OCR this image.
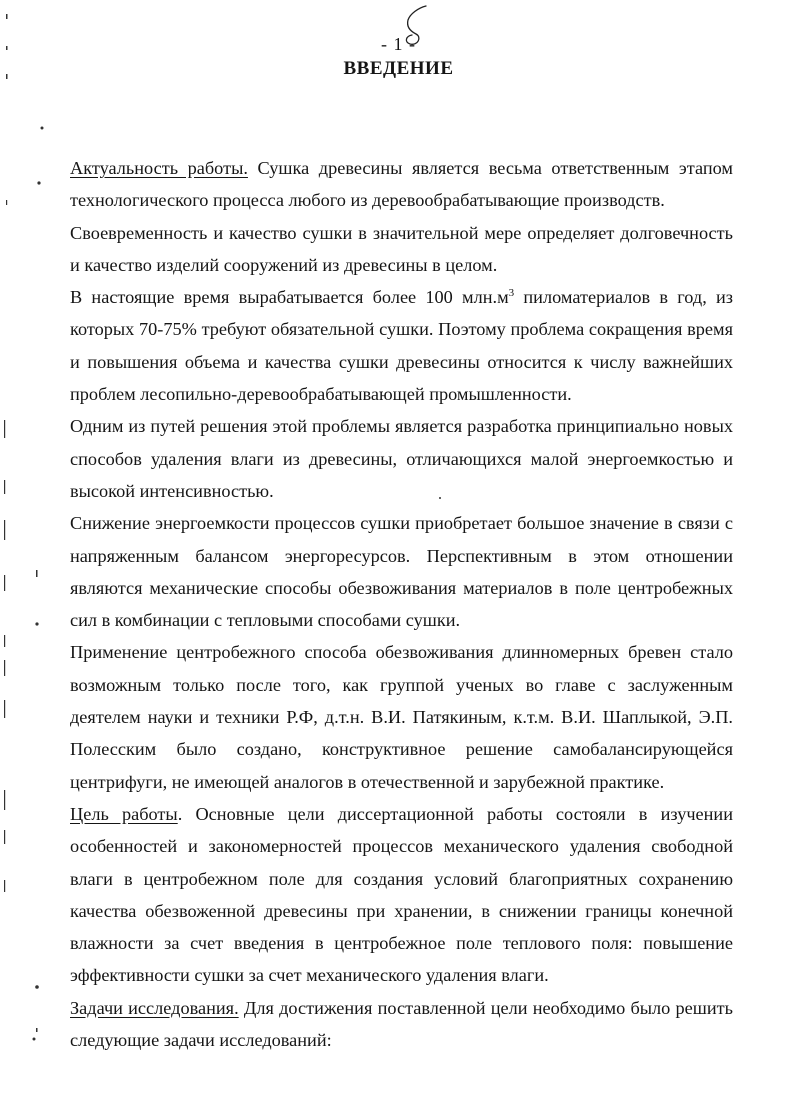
- 1 -
ВВЕДЕНИЕ

Актуальность работы. Сушка древесины является весьма ответственным этапом технологического процесса любого из деревообрабатывающие производств.

Своевременность и качество сушки в значительной мере определяет долговечность и качество изделий сооружений из древесины в целом.

В настоящие время вырабатывается более 100 $млн.м^3$ пиломатериалов в год, из которых 70-75% требуют обязательной сушки. Поэтому проблема сокращения время и повышения объема и качества сушки древесины относится к числу важнейших проблем лесопильно-деревообрабатывающей промышленности.

Одним из путей решения этой проблемы является разработка принципиально новых способов удаления влаги из древесины, отличающихся малой энергоемкостью и высокой интенсивностью.

Снижение энергоемкости процессов сушки приобретает большое значение в связи с напряженным балансом энергоресурсов. Перспективным в этом отношении являются механические способы обезвоживания материалов в поле центробежных сил в комбинации с тепловыми способами сушки.

Применение центробежного способа обезвоживания длинномерных бревен стало возможным только после того, как группой ученых во главе с заслуженным деятелем науки и техники Р.Ф, д.т.н. В.И. Патякиным, к.т.м. В.И. Шаплыкой, Э.П. Полесским было создано, конструктивное решение самобалансирующейся центрифуги, не имеющей аналогов в отечественной и зарубежной практике.

Цель работы. Основные цели диссертационной работы состояли в изучении особенностей и закономерностей процессов механического удаления свободной влаги в центробежном поле для создания условий благоприятных сохранению качества обезвоженной древесины при хранении, в снижении границы конечной влажности за счет введения в центробежное поле теплового поля: повышение эффективности сушки за счет механического удаления влаги.

Задачи исследования. Для достижения поставленной цели необходимо было решить следующие задачи исследований:
